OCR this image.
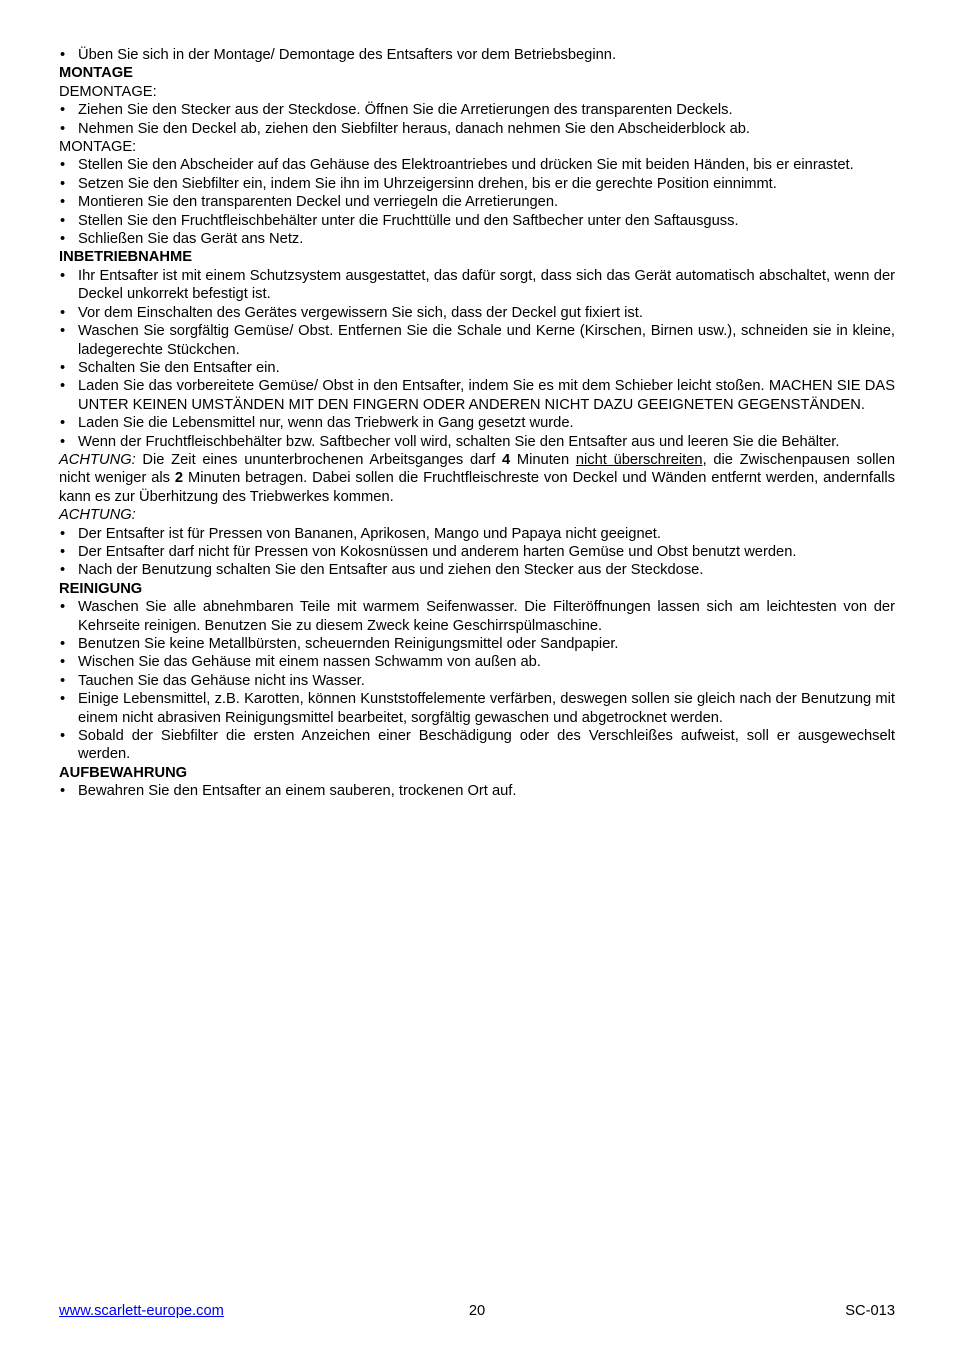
• Üben Sie sich in der Montage/ Demontage des Entsafters vor dem Betriebsbeginn.
MONTAGE
DEMONTAGE:
• Ziehen Sie den Stecker aus der Steckdose. Öffnen Sie die Arretierungen des transparenten Deckels.
• Nehmen Sie den Deckel ab, ziehen den Siebfilter heraus, danach nehmen Sie den Abscheiderblock ab.
MONTAGE:
• Stellen Sie den Abscheider auf das Gehäuse des Elektroantriebes und drücken Sie mit beiden Händen, bis er einrastet.
• Setzen Sie den Siebfilter ein, indem Sie ihn im Uhrzeigersinn drehen, bis er die gerechte Position einnimmt.
• Montieren Sie den transparenten Deckel und verriegeln die Arretierungen.
• Stellen Sie den Fruchtfleischbehälter unter die Fruchttülle und den Saftbecher unter den Saftausguss.
• Schließen Sie das Gerät ans Netz.
INBETRIEBNAHME
• Ihr Entsafter ist mit einem Schutzsystem ausgestattet, das dafür sorgt, dass sich das Gerät automatisch abschaltet, wenn der Deckel unkorrekt befestigt ist.
• Vor dem Einschalten des Gerätes vergewissern Sie sich, dass der Deckel gut fixiert ist.
• Waschen Sie sorgfältig Gemüse/ Obst. Entfernen Sie die Schale und Kerne (Kirschen, Birnen usw.), schneiden sie in kleine, ladegerechte Stückchen.
• Schalten Sie den Entsafter ein.
• Laden Sie das vorbereitete Gemüse/ Obst in den Entsafter, indem Sie es mit dem Schieber leicht stoßen. MACHEN SIE DAS UNTER KEINEN UMSTÄNDEN MIT DEN FINGERN ODER ANDEREN NICHT DAZU GEEIGNETEN GEGENSTÄNDEN.
• Laden Sie die Lebensmittel nur, wenn das Triebwerk in Gang gesetzt wurde.
• Wenn der Fruchtfleischbehälter bzw. Saftbecher voll wird, schalten Sie den Entsafter aus und leeren Sie die Behälter.
ACHTUNG: Die Zeit eines ununterbrochenen Arbeitsganges darf 4 Minuten nicht überschreiten, die Zwischenpausen sollen nicht weniger als 2 Minuten betragen. Dabei sollen die Fruchtfleischreste von Deckel und Wänden entfernt werden, andernfalls kann es zur Überhitzung des Triebwerkes kommen.
ACHTUNG:
• Der Entsafter ist für Pressen von Bananen, Aprikosen, Mango und Papaya nicht geeignet.
• Der Entsafter darf nicht für Pressen von Kokosnüssen und anderem harten Gemüse und Obst benutzt werden.
• Nach der Benutzung schalten Sie den Entsafter aus und ziehen den Stecker aus der Steckdose.
REINIGUNG
• Waschen Sie alle abnehmbaren Teile mit warmem Seifenwasser. Die Filteröffnungen lassen sich am leichtesten von der Kehrseite reinigen. Benutzen Sie zu diesem Zweck keine Geschirrspülmaschine.
• Benutzen Sie keine Metallbürsten, scheuernden Reinigungsmittel oder Sandpapier.
• Wischen Sie das Gehäuse mit einem nassen Schwamm von außen ab.
• Tauchen Sie das Gehäuse nicht ins Wasser.
• Einige Lebensmittel, z.B. Karotten, können Kunststoffelemente verfärben, deswegen sollen sie gleich nach der Benutzung mit einem nicht abrasiven Reinigungsmittel bearbeitet, sorgfältig gewaschen und abgetrocknet werden.
• Sobald der Siebfilter die ersten Anzeichen einer Beschädigung oder des Verschleißes aufweist, soll er ausgewechselt werden.
AUFBEWAHRUNG
• Bewahren Sie den Entsafter an einem sauberen, trockenen Ort auf.
20
www.scarlett-europe.com	SC-013
